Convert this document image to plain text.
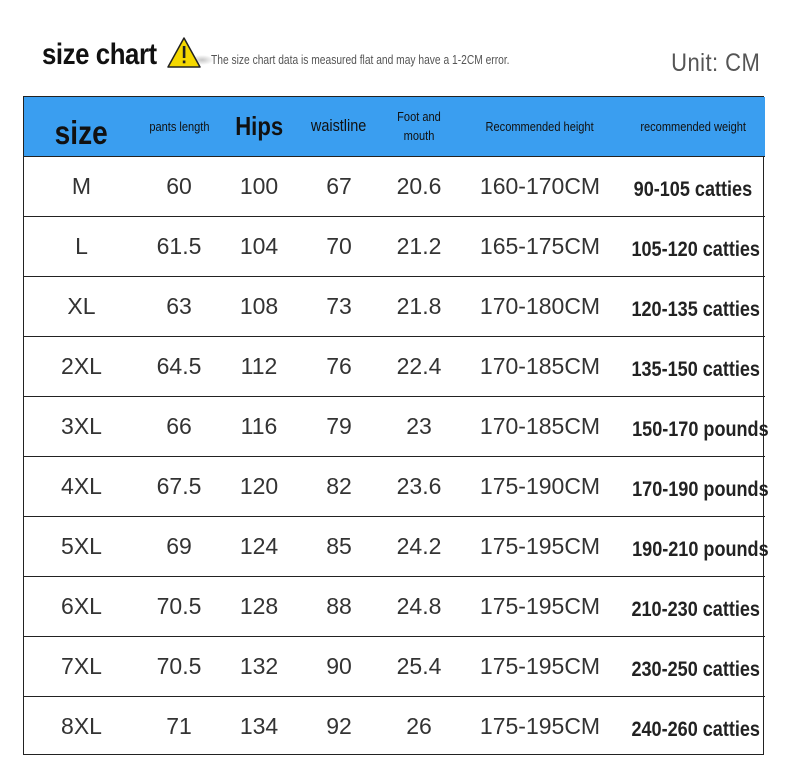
size chart	The size chart data is measured flat and may have a 1-2CM error.	Unit: CM
size	pants length	Hips	waistline	Foot and mouth	Recommended height	recommended weight
M	60	100	67	20.6	160-170CM	90-105 catties
L	61.5	104	70	21.2	165-175CM	105-120 catties
XL	63	108	73	21.8	170-180CM	120-135 catties
2XL	64.5	112	76	22.4	170-185CM	135-150 catties
3XL	66	116	79	23	170-185CM	150-170 pounds
4XL	67.5	120	82	23.6	175-190CM	170-190 pounds
5XL	69	124	85	24.2	175-195CM	190-210 pounds
6XL	70.5	128	88	24.8	175-195CM	210-230 catties
7XL	70.5	132	90	25.4	175-195CM	230-250 catties
8XL	71	134	92	26	175-195CM	240-260 catties
